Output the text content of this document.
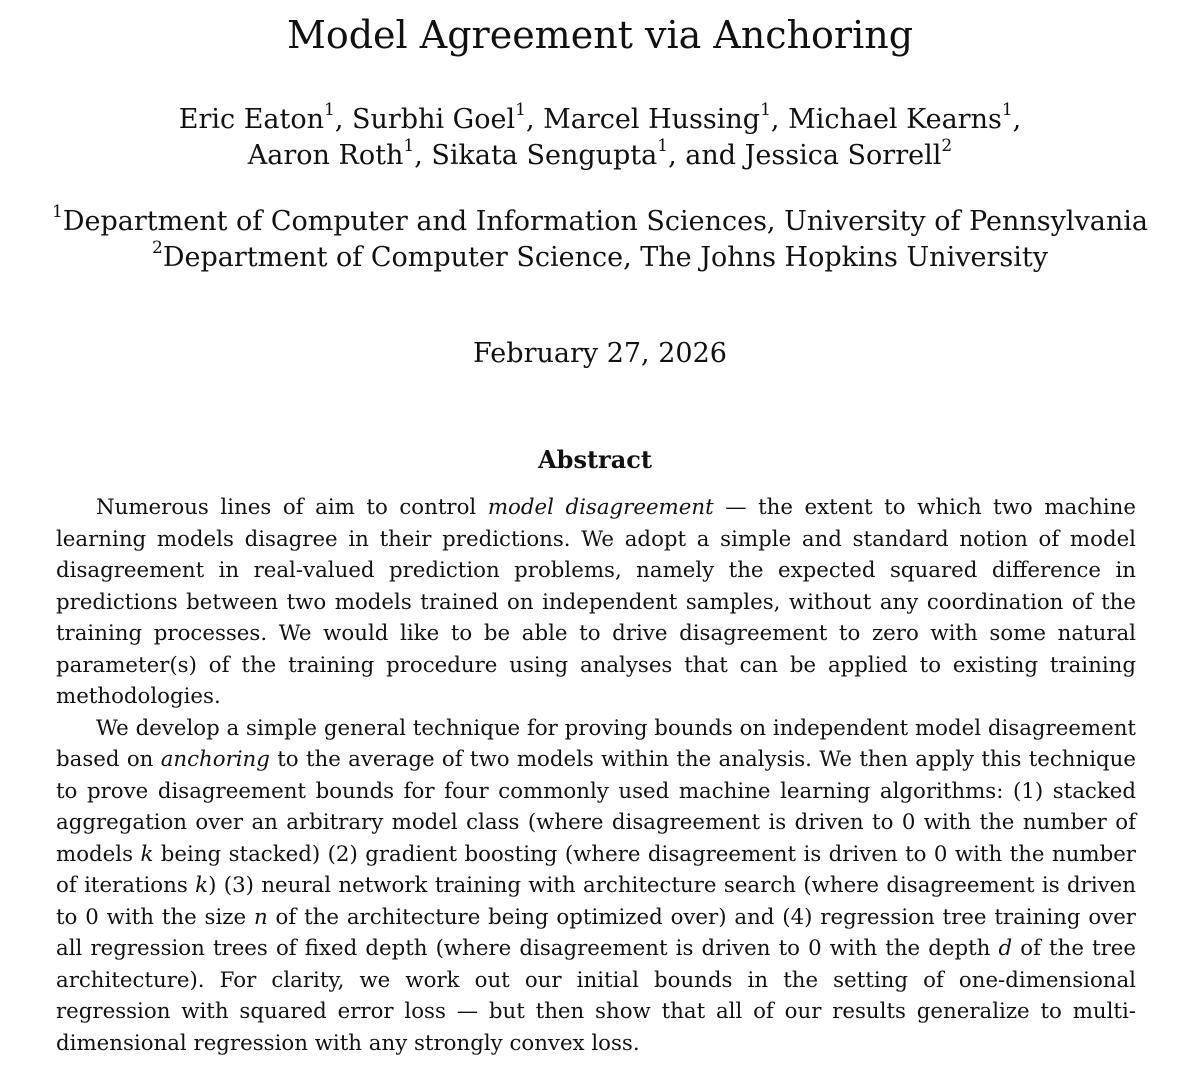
Model Agreement via Anchoring
Eric Eaton$^1$, Surbhi Goel$^1$, Marcel Hussing$^1$, Michael Kearns$^1$,
Aaron Roth$^1$, Sikata Sengupta$^1$, and Jessica Sorrell$^2$
$^1$Department of Computer and Information Sciences, University of Pennsylvania
$^2$Department of Computer Science, The Johns Hopkins University
February 27, 2026
Abstract

Numerous lines of aim to control model disagreement — the extent to which two machine learning models disagree in their predictions. We adopt a simple and standard notion of model disagreement in real-valued prediction problems, namely the expected squared difference in predictions between two models trained on independent samples, without any coordination of the training processes. We would like to be able to drive disagreement to zero with some natural parameter(s) of the training procedure using analyses that can be applied to existing training methodologies.

We develop a simple general technique for proving bounds on independent model disagreement based on anchoring to the average of two models within the analysis. We then apply this technique to prove disagreement bounds for four commonly used machine learning algorithms: (1) stacked aggregation over an arbitrary model class (where disagreement is driven to 0 with the number of models k being stacked) (2) gradient boosting (where disagreement is driven to 0 with the number of iterations k) (3) neural network training with architecture search (where disagreement is driven to 0 with the size n of the architecture being optimized over) and (4) regression tree training over all regression trees of fixed depth (where disagreement is driven to 0 with the depth d of the tree architecture). For clarity, we work out our initial bounds in the setting of one-dimensional regression with squared error loss — but then show that all of our results generalize to multi-dimensional regression with any strongly convex loss.
